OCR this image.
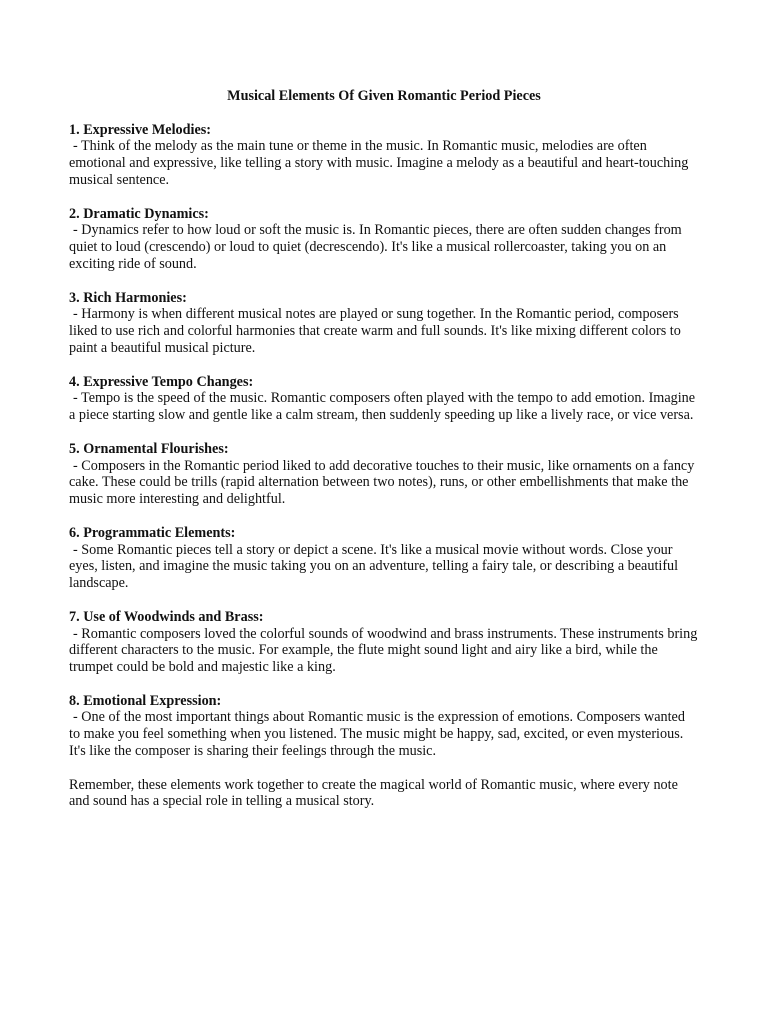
Musical Elements Of Given Romantic Period Pieces

1. Expressive Melodies:

- Think of the melody as the main tune or theme in the music. In Romantic music, melodies are often emotional and expressive, like telling a story with music. Imagine a melody as a beautiful and heart-touching musical sentence.

2. Dramatic Dynamics:

- Dynamics refer to how loud or soft the music is. In Romantic pieces, there are often sudden changes from quiet to loud (crescendo) or loud to quiet (decrescendo). It's like a musical rollercoaster, taking you on an exciting ride of sound.

3. Rich Harmonies:

- Harmony is when different musical notes are played or sung together. In the Romantic period, composers liked to use rich and colorful harmonies that create warm and full sounds. It's like mixing different colors to paint a beautiful musical picture.

4. Expressive Tempo Changes:

- Tempo is the speed of the music. Romantic composers often played with the tempo to add emotion. Imagine a piece starting slow and gentle like a calm stream, then suddenly speeding up like a lively race, or vice versa.

5. Ornamental Flourishes:

- Composers in the Romantic period liked to add decorative touches to their music, like ornaments on a fancy cake. These could be trills (rapid alternation between two notes), runs, or other embellishments that make the music more interesting and delightful.

6. Programmatic Elements:

- Some Romantic pieces tell a story or depict a scene. It's like a musical movie without words. Close your eyes, listen, and imagine the music taking you on an adventure, telling a fairy tale, or describing a beautiful landscape.

7. Use of Woodwinds and Brass:

- Romantic composers loved the colorful sounds of woodwind and brass instruments. These instruments bring different characters to the music. For example, the flute might sound light and airy like a bird, while the trumpet could be bold and majestic like a king.

8. Emotional Expression:

- One of the most important things about Romantic music is the expression of emotions. Composers wanted to make you feel something when you listened. The music might be happy, sad, excited, or even mysterious. It's like the composer is sharing their feelings through the music.

Remember, these elements work together to create the magical world of Romantic music, where every note and sound has a special role in telling a musical story.
